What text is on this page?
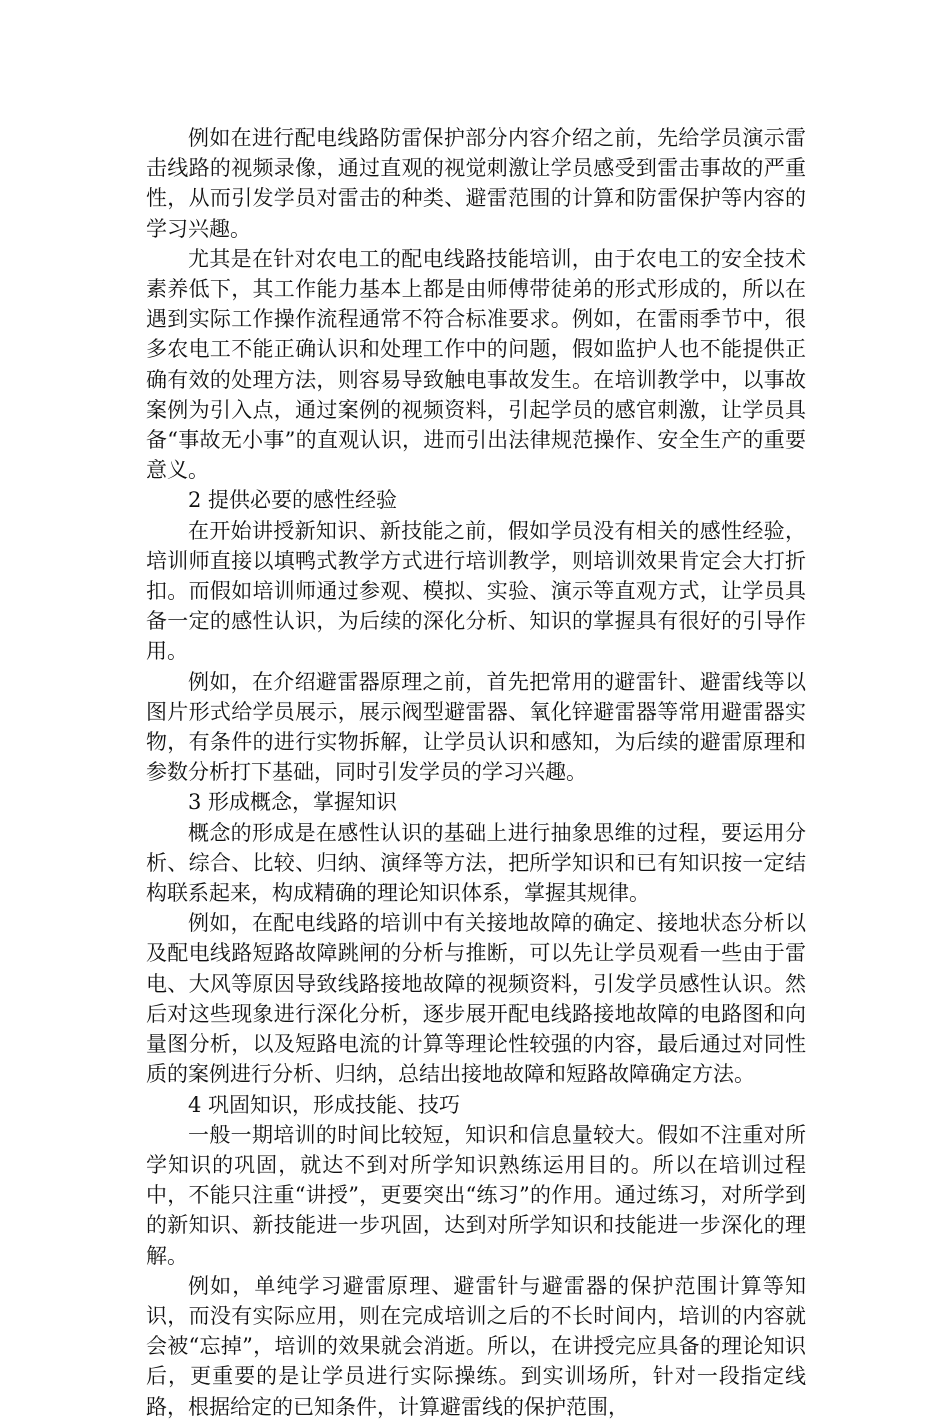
例如在进行配电线路防雷保护部分内容介绍之前，先给学员演示雷击线路的视频录像，通过直观的视觉刺激让学员感受到雷击事故的严重性，从而引发学员对雷击的种类、避雷范围的计算和防雷保护等内容的学习兴趣。

尤其是在针对农电工的配电线路技能培训，由于农电工的安全技术素养低下，其工作能力基本上都是由师傅带徒弟的形式形成的，所以在遇到实际工作操作流程通常不符合标准要求。例如，在雷雨季节中，很多农电工不能正确认识和处理工作中的问题，假如监护人也不能提供正确有效的处理方法，则容易导致触电事故发生。在培训教学中，以事故案例为引入点，通过案例的视频资料，引起学员的感官刺激，让学员具备“事故无小事”的直观认识，进而引出法律规范操作、安全生产的重要意义。

2 提供必要的感性经验

在开始讲授新知识、新技能之前，假如学员没有相关的感性经验，培训师直接以填鸭式教学方式进行培训教学，则培训效果肯定会大打折扣。而假如培训师通过参观、模拟、实验、演示等直观方式，让学员具备一定的感性认识，为后续的深化分析、知识的掌握具有很好的引导作用。

例如，在介绍避雷器原理之前，首先把常用的避雷针、避雷线等以图片形式给学员展示，展示阀型避雷器、氧化锌避雷器等常用避雷器实物，有条件的进行实物拆解，让学员认识和感知，为后续的避雷原理和参数分析打下基础，同时引发学员的学习兴趣。

3 形成概念，掌握知识

概念的形成是在感性认识的基础上进行抽象思维的过程，要运用分析、综合、比较、归纳、演绎等方法，把所学知识和已有知识按一定结构联系起来，构成精确的理论知识体系，掌握其规律。

例如，在配电线路的培训中有关接地故障的确定、接地状态分析以及配电线路短路故障跳闸的分析与推断，可以先让学员观看一些由于雷电、大风等原因导致线路接地故障的视频资料，引发学员感性认识。然后对这些现象进行深化分析，逐步展开配电线路接地故障的电路图和向量图分析，以及短路电流的计算等理论性较强的内容，最后通过对同性质的案例进行分析、归纳，总结出接地故障和短路故障确定方法。

4 巩固知识，形成技能、技巧

一般一期培训的时间比较短，知识和信息量较大。假如不注重对所学知识的巩固，就达不到对所学知识熟练运用目的。所以在培训过程中，不能只注重“讲授”，更要突出“练习”的作用。通过练习，对所学到的新知识、新技能进一步巩固，达到对所学知识和技能进一步深化的理解。

例如，单纯学习避雷原理、避雷针与避雷器的保护范围计算等知识，而没有实际应用，则在完成培训之后的不长时间内，培训的内容就会被“忘掉”，培训的效果就会消逝。所以，在讲授完应具备的理论知识后，更重要的是让学员进行实际操练。到实训场所，针对一段指定线路，根据给定的已知条件，计算避雷线的保护范围，
